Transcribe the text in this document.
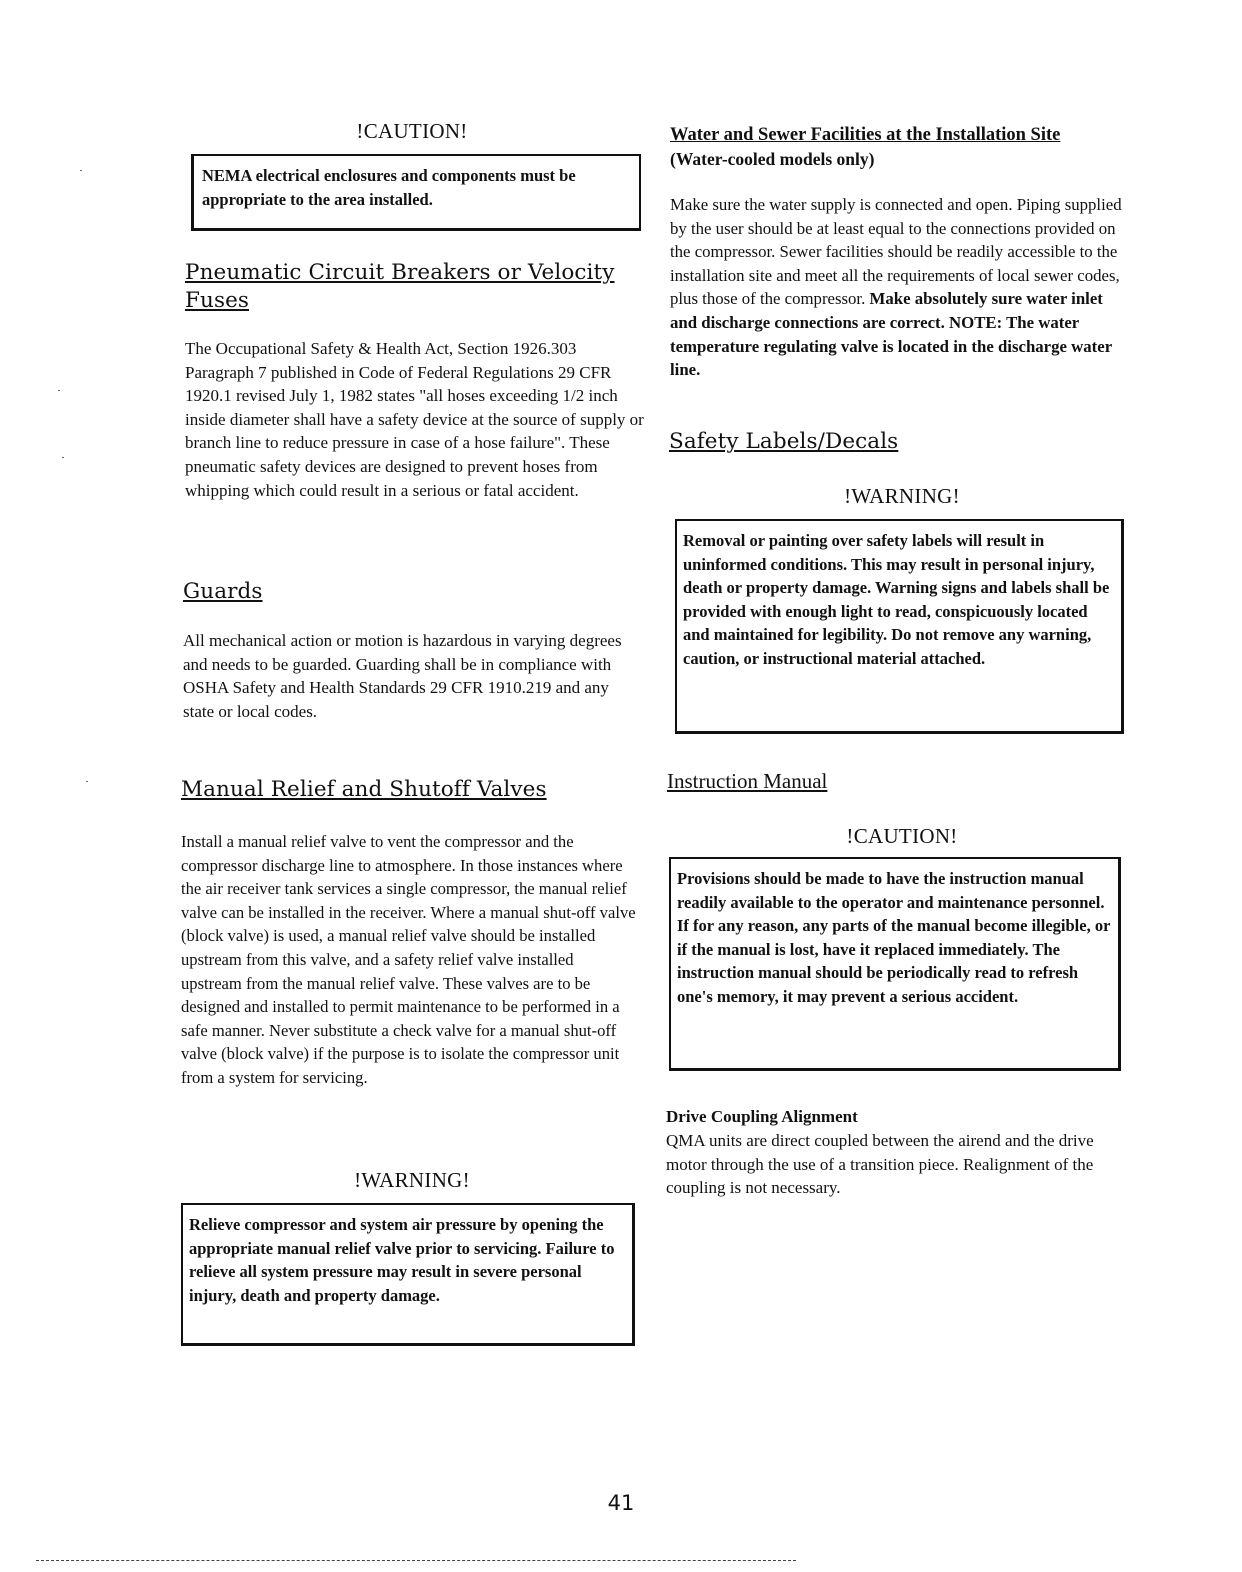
!CAUTION!
NEMA electrical enclosures and components must be appropriate to the area installed.
Pneumatic Circuit Breakers or Velocity Fuses
The Occupational Safety & Health Act, Section 1926.303 Paragraph 7 published in Code of Federal Regulations 29 CFR 1920.1 revised July 1, 1982 states "all hoses exceeding 1/2 inch inside diameter shall have a safety device at the source of supply or branch line to reduce pressure in case of a hose failure". These pneumatic safety devices are designed to prevent hoses from whipping which could result in a serious or fatal accident.
Guards
All mechanical action or motion is hazardous in varying degrees and needs to be guarded. Guarding shall be in compliance with OSHA Safety and Health Standards 29 CFR 1910.219 and any state or local codes.
Manual Relief and Shutoff Valves
Install a manual relief valve to vent the compressor and the compressor discharge line to atmosphere. In those instances where the air receiver tank services a single compressor, the manual relief valve can be installed in the receiver. Where a manual shut-off valve (block valve) is used, a manual relief valve should be installed upstream from this valve, and a safety relief valve installed upstream from the manual relief valve. These valves are to be designed and installed to permit maintenance to be performed in a safe manner. Never substitute a check valve for a manual shut-off valve (block valve) if the purpose is to isolate the compressor unit from a system for servicing.
!WARNING!
Relieve compressor and system air pressure by opening the appropriate manual relief valve prior to servicing. Failure to relieve all system pressure may result in severe personal injury, death and property damage.
Water and Sewer Facilities at the Installation Site
(Water-cooled models only)
Make sure the water supply is connected and open. Piping supplied by the user should be at least equal to the connections provided on the compressor. Sewer facilities should be readily accessible to the installation site and meet all the requirements of local sewer codes, plus those of the compressor. Make absolutely sure water inlet and discharge connections are correct. NOTE: The water temperature regulating valve is located in the discharge water line.
Safety Labels/Decals
!WARNING!
Removal or painting over safety labels will result in uninformed conditions. This may result in personal injury, death or property damage. Warning signs and labels shall be provided with enough light to read, conspicuously located and maintained for legibility. Do not remove any warning, caution, or instructional material attached.
Instruction Manual
!CAUTION!
Provisions should be made to have the instruction manual readily available to the operator and maintenance personnel. If for any reason, any parts of the manual become illegible, or if the manual is lost, have it replaced immediately. The instruction manual should be periodically read to refresh one's memory, it may prevent a serious accident.
Drive Coupling Alignment
QMA units are direct coupled between the airend and the drive motor through the use of a transition piece. Realignment of the coupling is not necessary.
41
